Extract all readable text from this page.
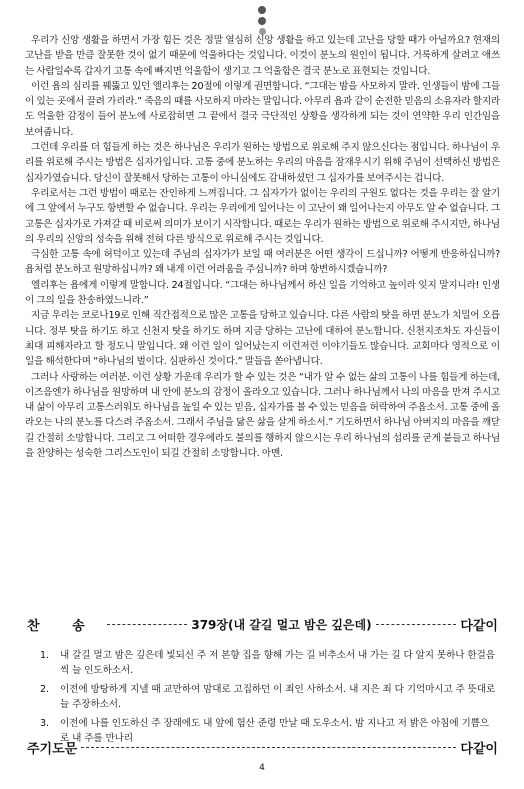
우리가 신앙 생활을 하면서 가장 힘든 것은 정말 열심히 신앙 생활을 하고 있는데 고난을 당할 때가 아닐까요? 현재의 고난을 받을 만큼 잘못한 것이 없기 때문에 억울하다는 것입니다. 이것이 분노의 원인이 됩니다. 거룩하게 살려고 애쓰는 사람일수록 갑자기 고통 속에 빠지면 억울함이 생기고 그 억울함은 결국 분노로 표현되는 것입니다.

이런 욥의 심리를 꿰뚫고 있던 엘리후는 20절에 이렇게 권면합니다. “그대는 밤을 사모하지 말라. 인생들이 밤에 그들이 있는 곳에서 끌려 가리라.” 죽음의 때를 사모하지 마라는 말입니다. 아무리 욥과 같이 순전한 믿음의 소유자라 할지라도 억울한 감정이 들어 분노에 사로잡히면 그 끝에서 결국 극단적인 상황을 생각하게 되는 것이 연약한 우리 인간임을 보여줍니다.

그런데 우리를 더 힘들게 하는 것은 하나님은 우리가 원하는 방법으로 위로해 주지 않으신다는 점입니다. 하나님이 우리를 위로해 주시는 방법은 십자가입니다. 고통 중에 분노하는 우리의 마음을 잠재우시기 위해 주님이 선택하신 방법은 십자가였습니다. 당신이 잘못해서 당하는 고통이 아니심에도 감내하셨던 그 십자가를 보여주시는 겁니다.

우리로서는 그런 방법이 때로는 잔인하게 느껴집니다. 그 십자가가 없이는 우리의 구원도 없다는 것을 우리는 잘 알기에 그 앞에서 누구도 항변할 수 없습니다. 우리는 우리에게 일어나는 이 고난이 왜 일어나는지 아무도 알 수 없습니다. 그 고통은 십자가로 가져갈 때 비로써 의미가 보이기 시작합니다. 때로는 우리가 원하는 방법으로 위로해 주시지만, 하나님의 우리의 신앙의 성숙을 위해 전혀 다른 방식으로 위로해 주시는 것입니다.

극심한 고통 속에 허덕이고 있는데 주님의 십자가가 보일 때 여러분은 어떤 생각이 드십니까? 어떻게 반응하십니까? 욥처럼 분노하고 원망하십니까? 왜 내게 이런 어려움을 주십니까? 하며 항변하시겠습니까?

엘리후는 욥에게 이렇게 말합니다. 24절입니다. “그대는 하나님께서 하신 일을 기억하고 높이라 잊지 말지니라! 인생이 그의 일을 찬송하였느니라.”

지금 우리는 코로나19로 인해 직간접적으로 많은 고통을 당하고 있습니다. 다른 사람의 탓을 하면 분노가 치밀어 오릅니다. 정부 탓을 하기도 하고 신천지 탓을 하기도 하며 지금 당하는 고난에 대하여 분노합니다. 신천지조차도 자신들이 최대 피해자라고 할 정도니 말입니다. 왜 이런 일이 일어났는지 이런저런 이야기들도 많습니다. 교회마다 영적으로 이 일을 해석한다며 “하나님의 벌이다. 심판하신 것이다.” 말들을 쏟아냅니다.

그러나 사랑하는 여러분. 이런 상황 가운데 우리가 할 수 있는 것은 “내가 알 수 없는 삶의 고통이 나를 힘들게 하는데, 이즈음엔가 하나님을 원망하며 내 안에 분노의 감정이 올라오고 있습니다. 그러나 하나님께서 나의 마음을 만져 주시고 내 삶이 아무리 고통스러워도 하나님을 높일 수 있는 믿음, 십자가를 볼 수 있는 믿음을 허락하여 주옵소서. 고통 중에 올라오는 나의 분노를 다스려 주옵소서. 그래서 주님을 닮은 삶을 살게 하소서.” 기도하면서 하나님 아버지의 마음을 깨닫길 간절히 소망합니다. 그리고 그 어떠한 경우에라도 불의를 행하지 않으시는 우리 하나님의 섭리를 굳게 붙들고 하나님을 찬양하는 성숙한 그리스도인이 되길 간절히 소망합니다. 아멘.

찬 송	379장(내 갈길 멀고 밤은 깊은데)	다같이
1.	내 갈길 멀고 밤은 깊은데 빛되신 주 저 본향 집을 향해 가는 길 비추소서 내 가는 길 다 알지 못하나 한걸음씩 늘 인도하소서.
2.	이전에 방탕하게 지낼 때 교만하여 맘대로 고집하던 이 죄인 사하소서. 내 지은 죄 다 기억마시고 주 뜻대로 늘 주장하소서.
3.	이전에 나를 인도하신 주 장래에도 내 앞에 험산 준령 만날 때 도우소서. 밤 지나고 저 밝은 아침에 기쁨으로 내 주를 만나리
주기도문	다같이
4
